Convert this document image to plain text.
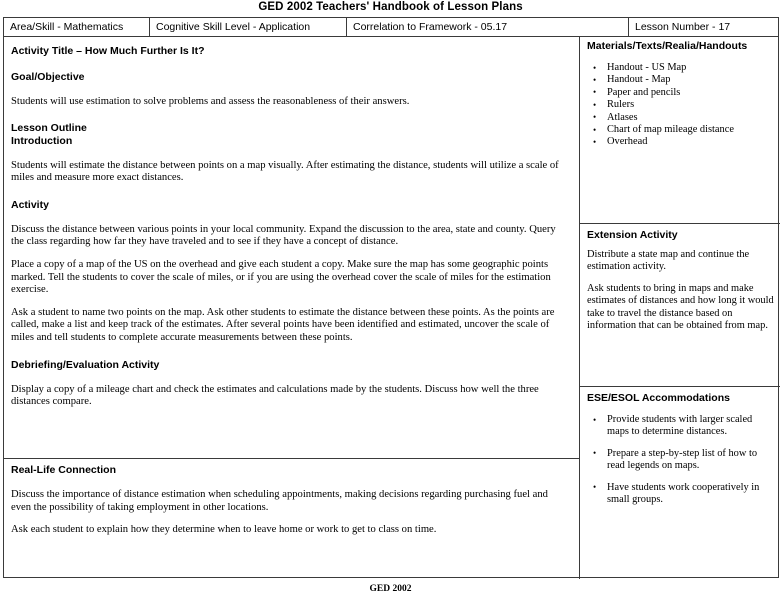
GED 2002 Teachers' Handbook of Lesson Plans
Area/Skill - Mathematics	Cognitive Skill Level - Application	Correlation to Framework - 05.17	Lesson Number - 17

Activity Title – How Much Further Is It?

Goal/Objective

Students will use estimation to solve problems and assess the reasonableness of their answers.

Lesson Outline

Introduction

Students will estimate the distance between points on a map visually. After estimating the distance, students will utilize a scale of miles and measure more exact distances.

Activity

Discuss the distance between various points in your local community. Expand the discussion to the area, state and county. Query the class regarding how far they have traveled and to see if they have a concept of distance.

Place a copy of a map of the US on the overhead and give each student a copy. Make sure the map has some geographic points marked. Tell the students to cover the scale of miles, or if you are using the overhead cover the scale of miles for the estimation exercise.

Ask a student to name two points on the map. Ask other students to estimate the distance between these points. As the points are called, make a list and keep track of the estimates. After several points have been identified and estimated, uncover the scale of miles and tell students to complete accurate measurements between these points.

Debriefing/Evaluation Activity

Display a copy of a mileage chart and check the estimates and calculations made by the students. Discuss how well the three distances compare.

Real-Life Connection

Discuss the importance of distance estimation when scheduling appointments, making decisions regarding purchasing fuel and even the possibility of taking employment in other locations.

Ask each student to explain how they determine when to leave home or work to get to class on time.

Materials/Texts/Realia/Handouts

• Handout - US Map
• Handout - Map
• Paper and pencils
• Rulers
• Atlases
• Chart of map mileage distance
• Overhead

Extension Activity

Distribute a state map and continue the estimation activity.

Ask students to bring in maps and make estimates of distances and how long it would take to travel the distance based on information that can be obtained from map.

ESE/ESOL Accommodations

• Provide students with larger scaled maps to determine distances.
• Prepare a step-by-step list of how to read legends on maps.
• Have students work cooperatively in small groups.
GED 2002
